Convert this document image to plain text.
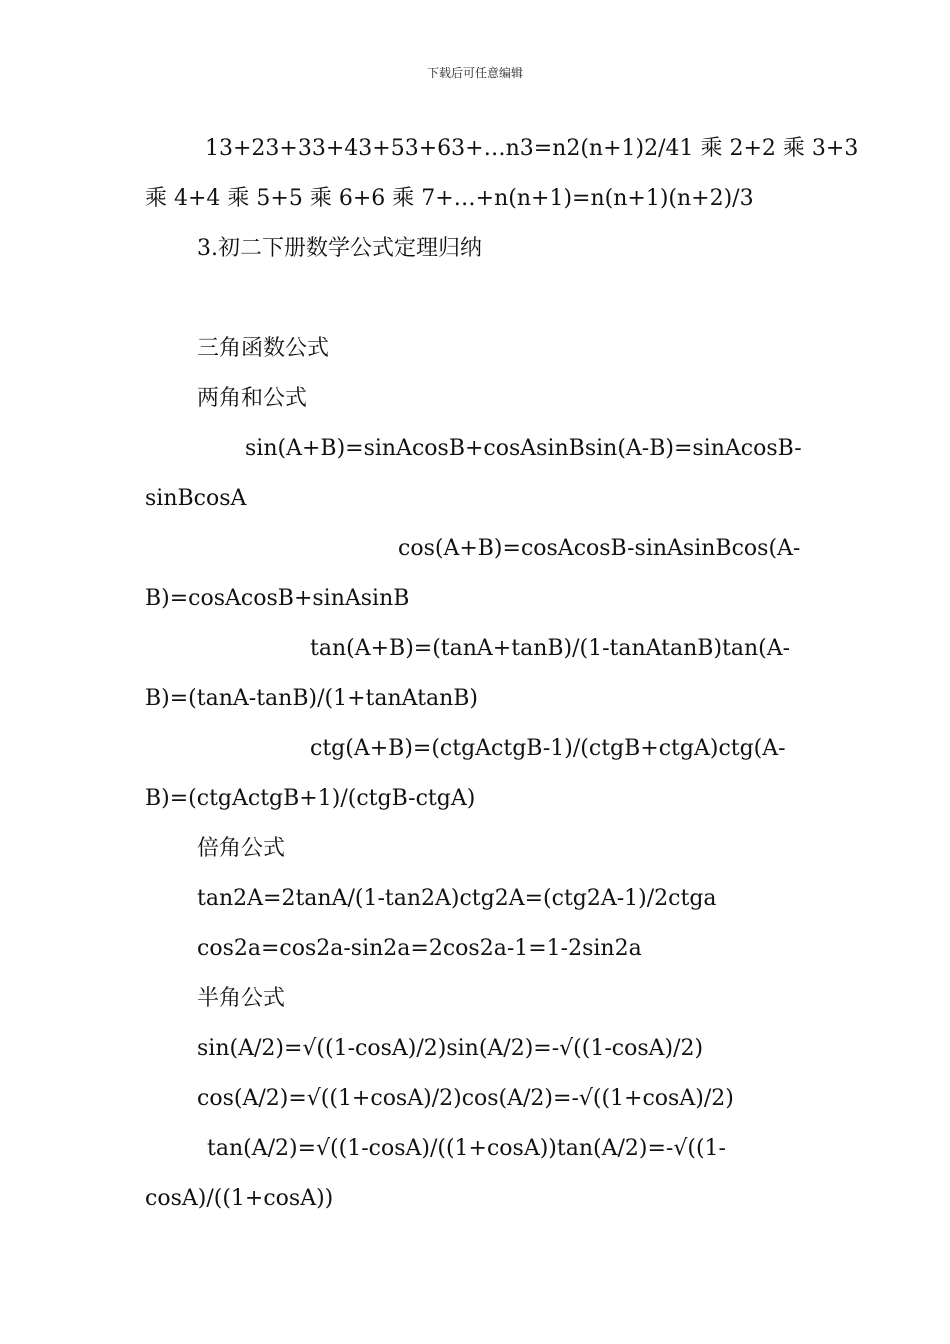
下载后可任意编辑
13+23+33+43+53+63+…n3=n2(n+1)2/41 乘 2+2 乘 3+3
乘 4+4 乘 5+5 乘 6+6 乘 7+…+n(n+1)=n(n+1)(n+2)/3
3.初二下册数学公式定理归纳
三角函数公式
两角和公式
sin(A+B)=sinAcosB+cosAsinBsin(A-B)=sinAcosB-
sinBcosA
cos(A+B)=cosAcosB-sinAsinBcos(A-
B)=cosAcosB+sinAsinB
tan(A+B)=(tanA+tanB)/(1-tanAtanB)tan(A-
B)=(tanA-tanB)/(1+tanAtanB)
ctg(A+B)=(ctgActgB-1)/(ctgB+ctgA)ctg(A-
B)=(ctgActgB+1)/(ctgB-ctgA)
倍角公式
tan2A=2tanA/(1-tan2A)ctg2A=(ctg2A-1)/2ctga
cos2a=cos2a-sin2a=2cos2a-1=1-2sin2a
半角公式
sin(A/2)=√((1-cosA)/2)sin(A/2)=-√((1-cosA)/2)
cos(A/2)=√((1+cosA)/2)cos(A/2)=-√((1+cosA)/2)
tan(A/2)=√((1-cosA)/((1+cosA))tan(A/2)=-√((1-
cosA)/((1+cosA))
